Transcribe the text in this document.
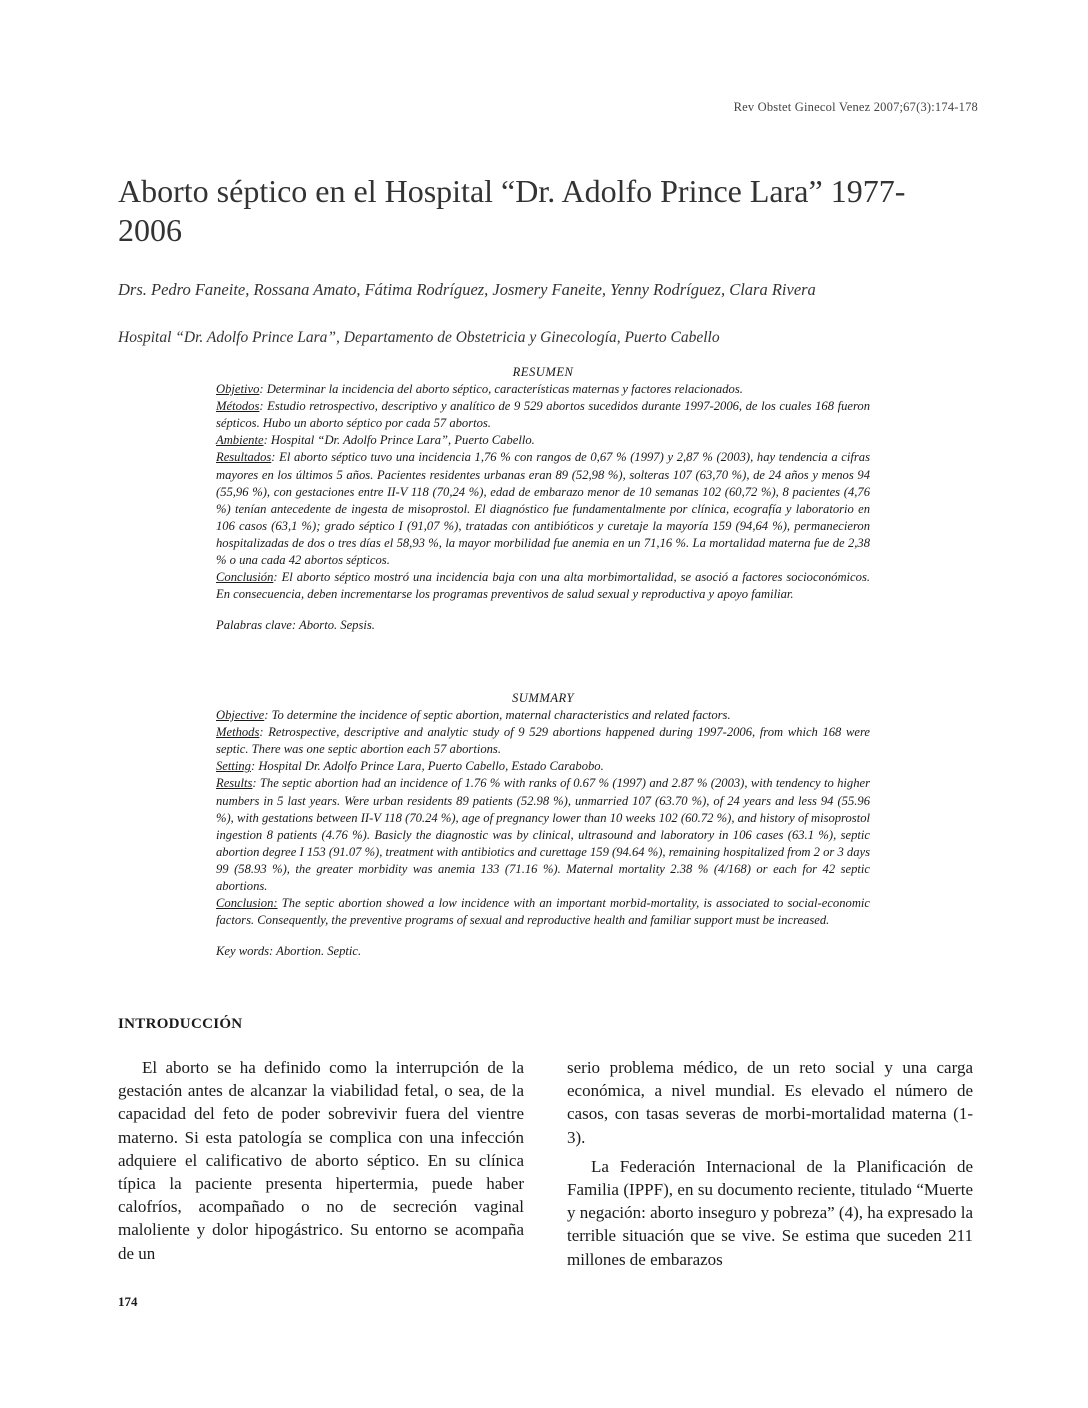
Rev Obstet Ginecol Venez 2007;67(3):174-178
Aborto séptico en el Hospital “Dr. Adolfo Prince Lara” 1977-2006
Drs. Pedro Faneite, Rossana Amato, Fátima Rodríguez, Josmery Faneite, Yenny Rodríguez, Clara Rivera
Hospital “Dr. Adolfo Prince Lara”, Departamento de Obstetricia y Ginecología, Puerto Cabello
RESUMEN

Objetivo: Determinar la incidencia del aborto séptico, características maternas y factores relacionados.

Métodos: Estudio retrospectivo, descriptivo y analítico de 9 529 abortos sucedidos durante 1997-2006, de los cuales 168 fueron sépticos. Hubo un aborto séptico por cada 57 abortos.

Ambiente: Hospital “Dr. Adolfo Prince Lara”, Puerto Cabello.

Resultados: El aborto séptico tuvo una incidencia 1,76 % con rangos de 0,67 % (1997) y 2,87 % (2003), hay tendencia a cifras mayores en los últimos 5 años. Pacientes residentes urbanas eran 89 (52,98 %), solteras 107 (63,70 %), de 24 años y menos 94 (55,96 %), con gestaciones entre II-V 118 (70,24 %), edad de embarazo menor de 10 semanas 102 (60,72 %), 8 pacientes (4,76 %) tenían antecedente de ingesta de misoprostol. El diagnóstico fue fundamentalmente por clínica, ecografía y laboratorio en 106 casos (63,1 %); grado séptico I (91,07 %), tratadas con antibióticos y curetaje la mayoría 159 (94,64 %), permanecieron hospitalizadas de dos o tres días el 58,93 %, la mayor morbilidad fue anemia en un 71,16 %. La mortalidad materna fue de 2,38 % o una cada 42 abortos sépticos.

Conclusión: El aborto séptico mostró una incidencia baja con una alta morbimortalidad, se asoció a factores socioconómicos. En consecuencia, deben incrementarse los programas preventivos de salud sexual y reproductiva y apoyo familiar.

Palabras clave: Aborto. Sepsis.

SUMMARY

Objective: To determine the incidence of septic abortion, maternal characteristics and related factors.

Methods: Retrospective, descriptive and analytic study of 9 529 abortions happened during 1997-2006, from which 168 were septic. There was one septic abortion each 57 abortions.

Setting: Hospital Dr. Adolfo Prince Lara, Puerto Cabello, Estado Carabobo.

Results: The septic abortion had an incidence of 1.76 % with ranks of 0.67 % (1997) and 2.87 % (2003), with tendency to higher numbers in 5 last years. Were urban residents 89 patients (52.98 %), unmarried 107 (63.70 %), of 24 years and less 94 (55.96 %), with gestations between II-V 118 (70.24 %), age of pregnancy lower than 10 weeks 102 (60.72 %), and history of misoprostol ingestion 8 patients (4.76 %). Basicly the diagnostic was by clinical, ultrasound and laboratory in 106 cases (63.1 %), septic abortion degree I 153 (91.07 %), treatment with antibiotics and curettage 159 (94.64 %), remaining hospitalized from 2 or 3 days 99 (58.93 %), the greater morbidity was anemia 133 (71.16 %). Maternal mortality 2.38 % (4/168) or each for 42 septic abortions.

Conclusion: The septic abortion showed a low incidence with an important morbid-mortality, is associated to social-economic factors. Consequently, the preventive programs of sexual and reproductive health and familiar support must be increased.

Key words: Abortion. Septic.

INTRODUCCIÓN

El aborto se ha definido como la interrupción de la gestación antes de alcanzar la viabilidad fetal, o sea, de la capacidad del feto de poder sobrevivir fuera del vientre materno. Si esta patología se complica con una infección adquiere el calificativo de aborto séptico. En su clínica típica la paciente presenta hipertermia, puede haber calofríos, acompañado o no de secreción vaginal maloliente y dolor hipogástrico. Su entorno se acompaña de un

serio problema médico, de un reto social y una carga económica, a nivel mundial. Es elevado el número de casos, con tasas severas de morbi-mortalidad materna (1-3).

La Federación Internacional de la Planificación de Familia (IPPF), en su documento reciente, titulado “Muerte y negación: aborto inseguro y pobreza” (4), ha expresado la terrible situación que se vive. Se estima que suceden 211 millones de embarazos

174
